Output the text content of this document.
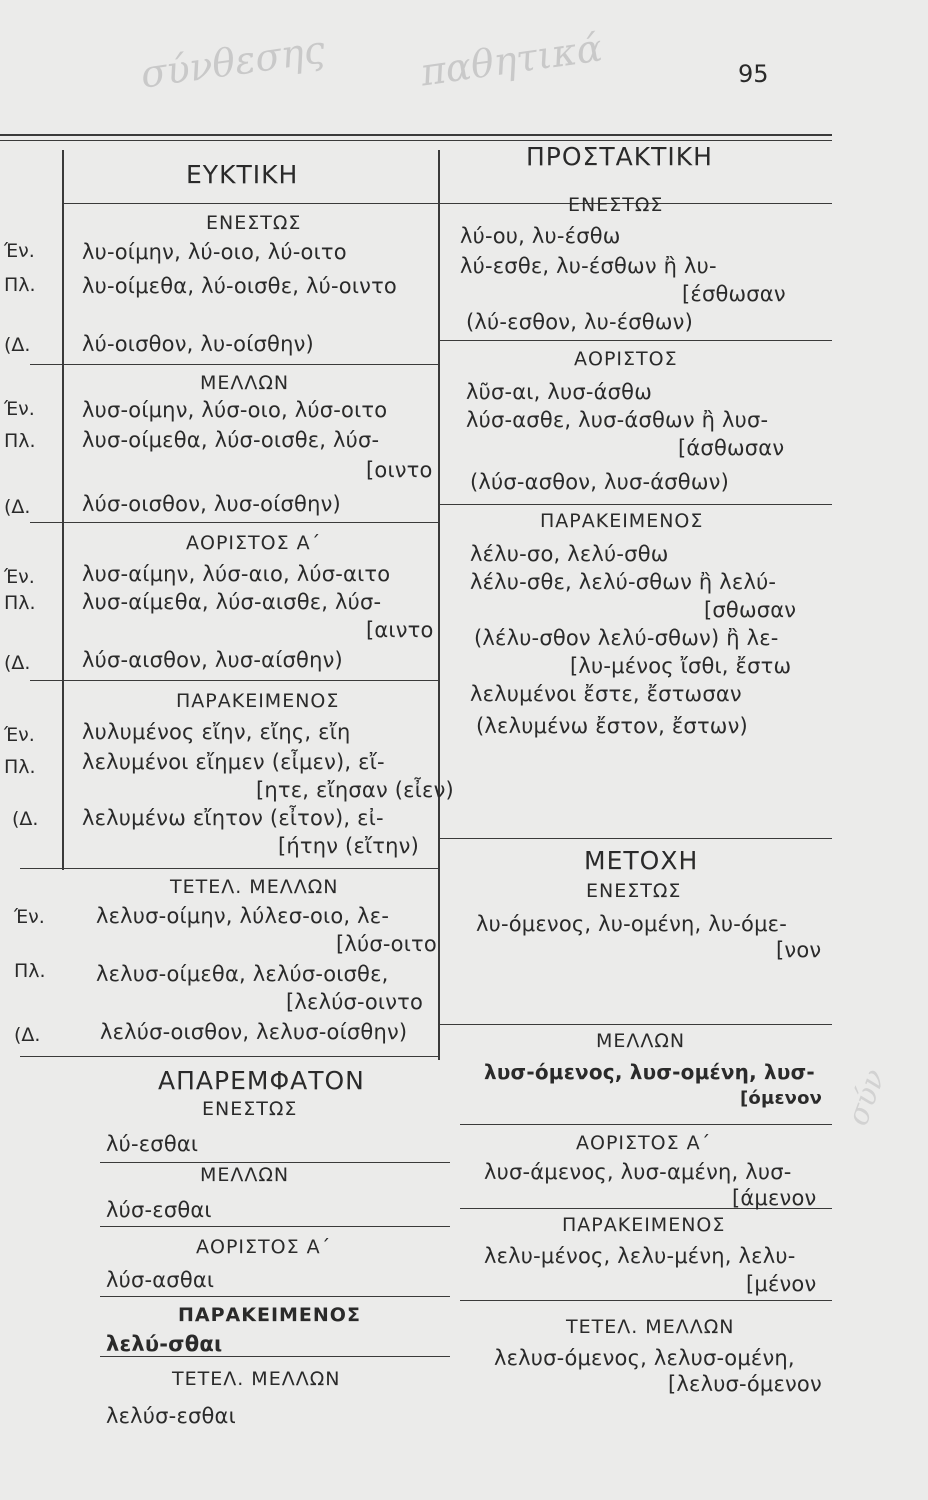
σύνθεσης παθητικά
σύν
95
ΕΥΚΤΙΚΗ
ΠΡΟΣΤΑΚΤΙΚΗ
ΕΝΕΣΤΩΣ
Έν. λυ-οίμην, λύ-οιο, λύ-οιτο
Πλ. λυ-οίμεθα, λύ-οισθε, λύ-οιντο
(Δ. λύ-οισθον, λυ-οίσθην)
ΜΕΛΛΩΝ
Έν. λυσ-οίμην, λύσ-οιο, λύσ-οιτο
Πλ. λυσ-οίμεθα, λύσ-οισθε, λύσ-
[οιντο
(Δ. λύσ-οισθον, λυσ-οίσθην)
ΑΟΡΙΣΤΟΣ Α΄
Έν. λυσ-αίμην, λύσ-αιο, λύσ-αιτο
Πλ. λυσ-αίμεθα, λύσ-αισθε, λύσ-
[αιντο
(Δ. λύσ-αισθον, λυσ-αίσθην)
ΠΑΡΑΚΕΙΜΕΝΟΣ
Έν. λυλυμένος εἴην, εἴης, εἴη
Πλ. λελυμένοι εἴημεν (εἶμεν), εἴ-
[ητε, εἴησαν (εἶεν)
(Δ. λελυμένω εἴητον (εἶτον), εἰ-
[ήτην (εἴτην)
ΤΕΤΕΛ. ΜΕΛΛΩΝ
Έν. λελυσ-οίμην, λύλεσ-οιο, λε-
[λύσ-οιτο
Πλ. λελυσ-οίμεθα, λελύσ-οισθε,
[λελύσ-οιντο
(Δ.	λελύσ-οισθον, λελυσ-οίσθην)
ΑΠΑΡΕΜΦΑΤΟΝ
ΕΝΕΣΤΩΣ
λύ-εσθαι
ΜΕΛΛΩΝ
λύσ-εσθαι
ΑΟΡΙΣΤΟΣ Α΄
λύσ-ασθαι
ΠΑΡΑΚΕΙΜΕΝΟΣ
λελύ-σθαι
ΤΕΤΕΛ. ΜΕΛΛΩΝ
λελύσ-εσθαι
ΕΝΕΣΤΩΣ
λύ-ου, λυ-έσθω
λύ-εσθε, λυ-έσθων ἢ λυ-
[έσθωσαν
(λύ-εσθον, λυ-έσθων)
ΑΟΡΙΣΤΟΣ
λῦσ-αι, λυσ-άσθω
λύσ-ασθε, λυσ-άσθων ἢ λυσ-
[άσθωσαν
(λύσ-ασθον, λυσ-άσθων)
ΠΑΡΑΚΕΙΜΕΝΟΣ
λέλυ-σο, λελύ-σθω
λέλυ-σθε, λελύ-σθων ἢ λελύ-
[σθωσαν
(λέλυ-σθον λελύ-σθων) ἢ λε-
[λυ-μένος ἴσθι, ἔστω
λελυμένοι ἔστε, ἔστωσαν
(λελυμένω ἔστον, ἔστων)
ΜΕΤΟΧΗ
ΕΝΕΣΤΩΣ
λυ-όμενος, λυ-ομένη, λυ-όμε-
[νον
ΜΕΛΛΩΝ
λυσ-όμενος, λυσ-ομένη, λυσ-
[όμενον
ΑΟΡΙΣΤΟΣ Α΄
λυσ-άμενος, λυσ-αμένη, λυσ-
[άμενον
ΠΑΡΑΚΕΙΜΕΝΟΣ
λελυ-μένος, λελυ-μένη, λελυ-
[μένον
ΤΕΤΕΛ. ΜΕΛΛΩΝ
λελυσ-όμενος, λελυσ-ομένη,
[λελυσ-όμενον
